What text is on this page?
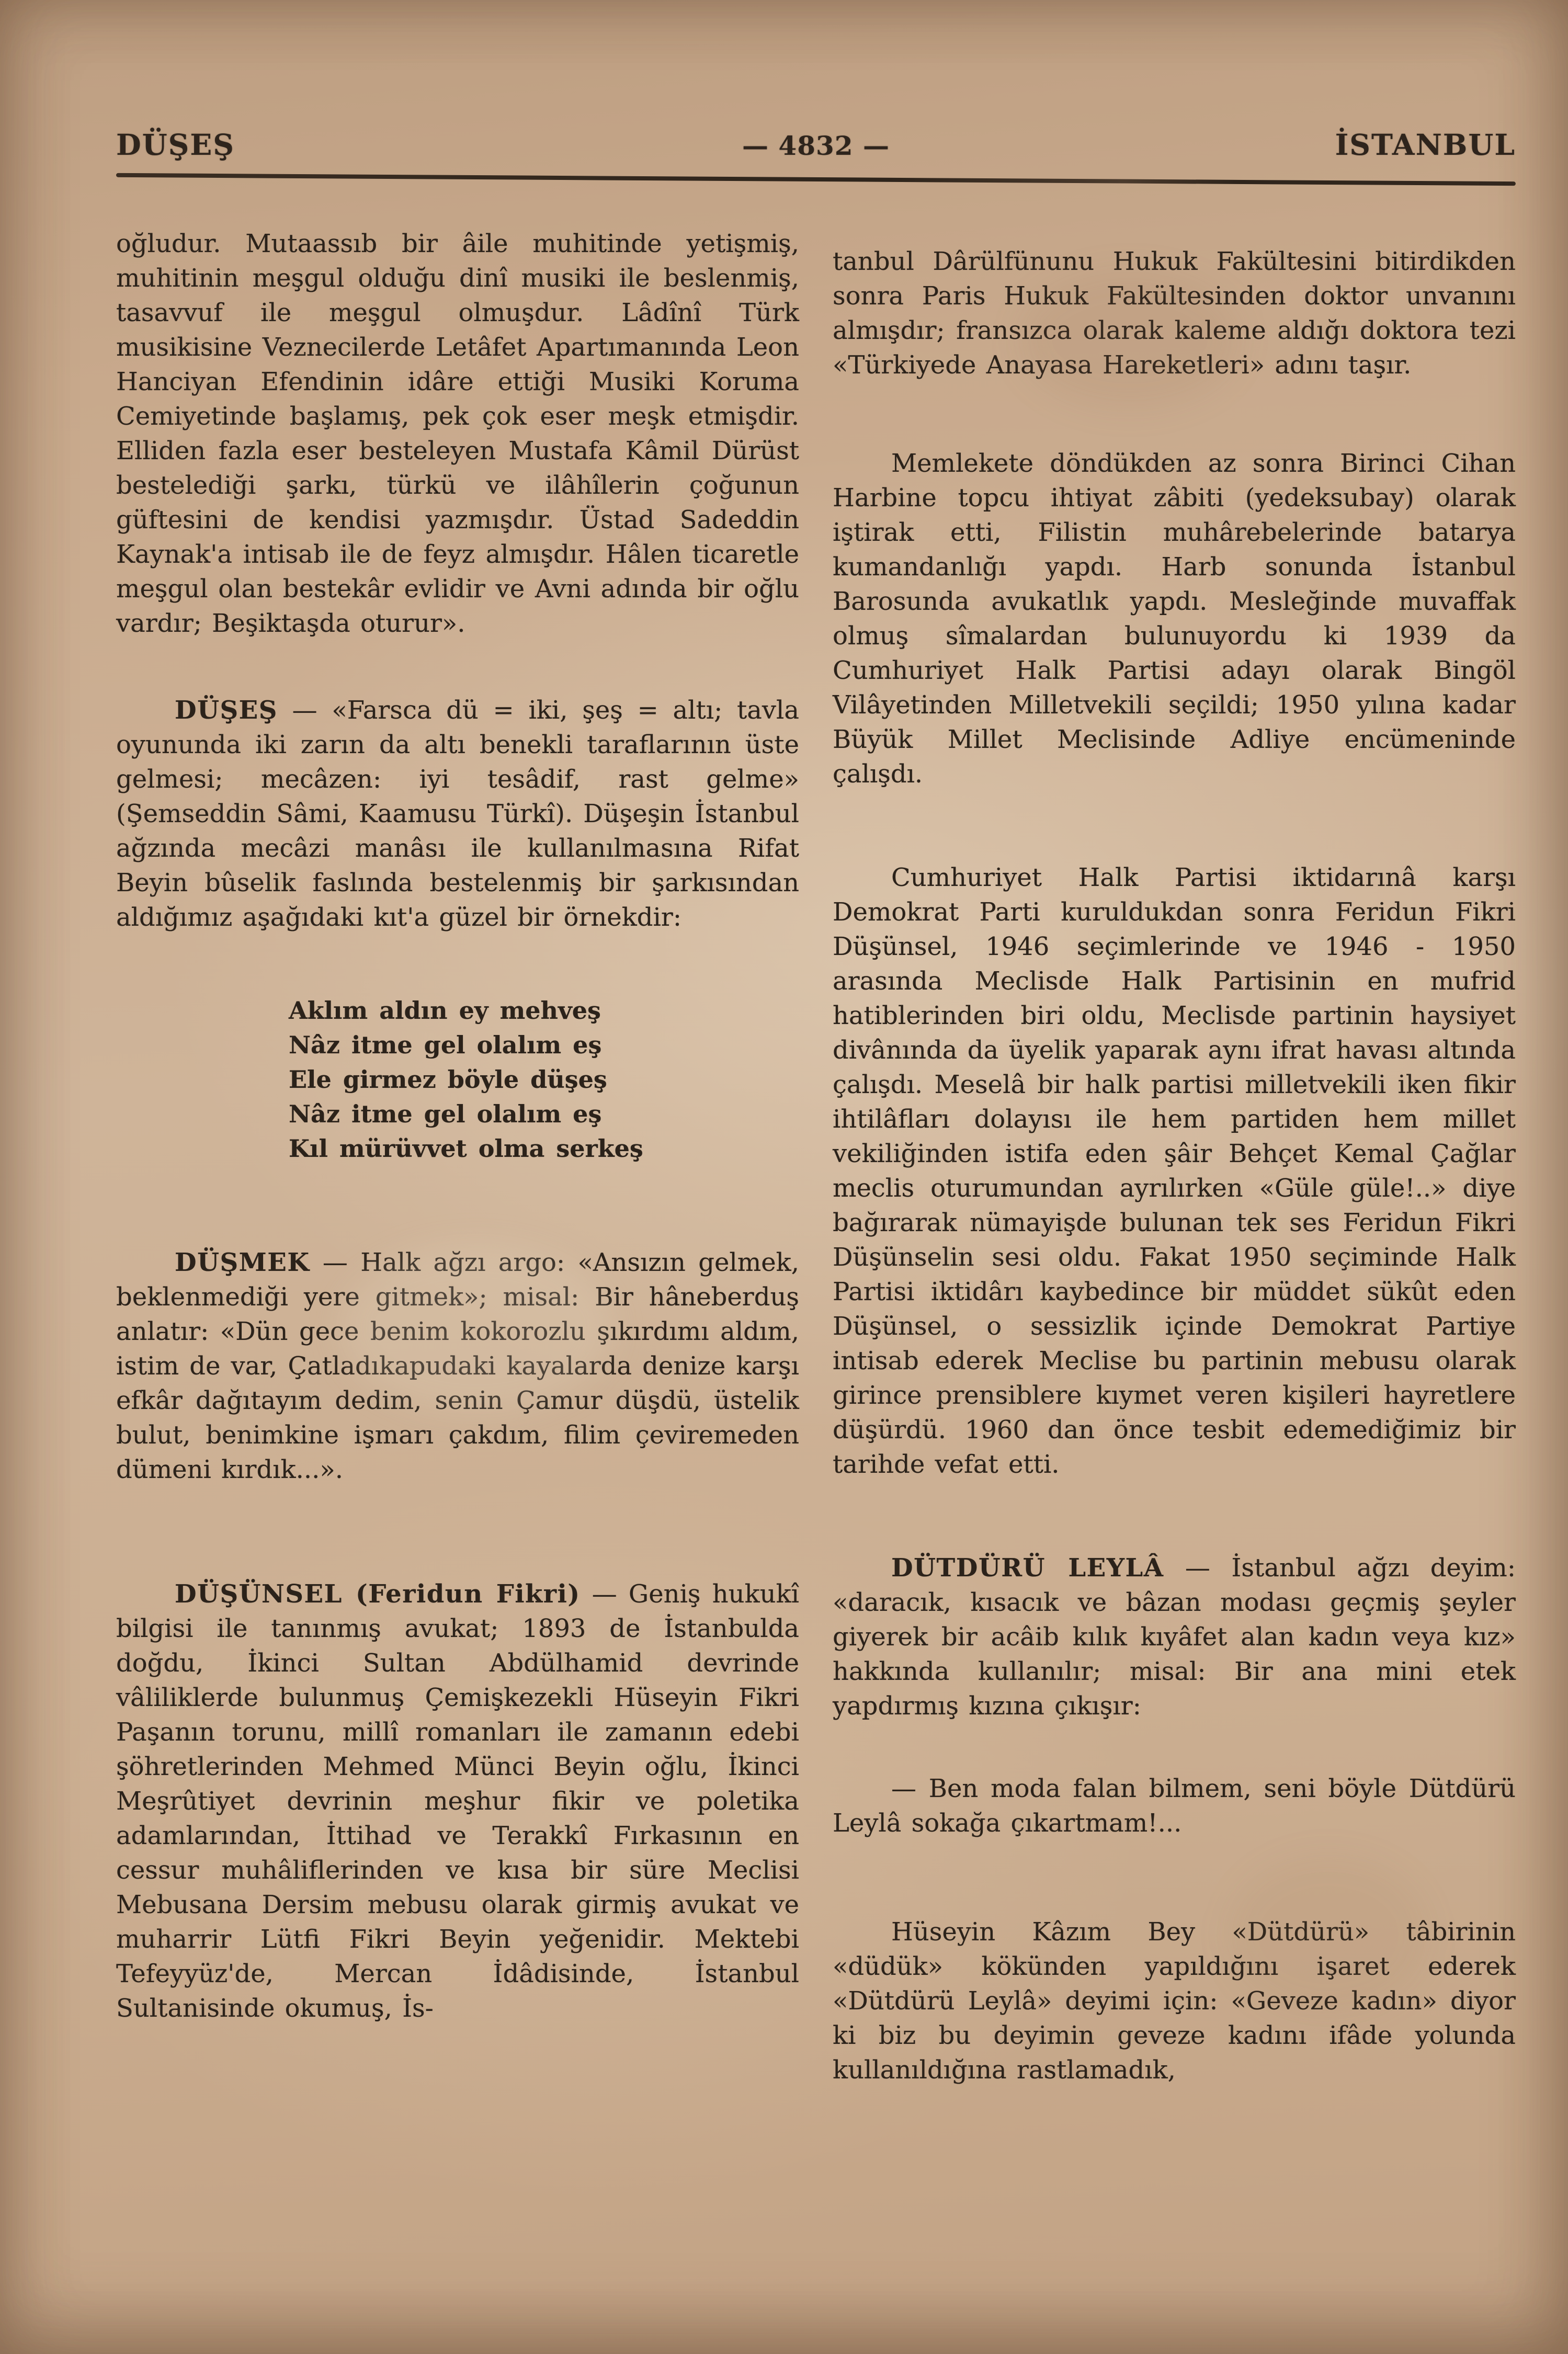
DÜŞEŞ	— 4832 —	İSTANBUL

oğludur. Mutaassıb bir âile muhitinde yetişmiş, muhitinin meşgul olduğu dinî musiki ile beslenmiş, tasavvuf ile meşgul olmuşdur. Lâdînî Türk musikisine Veznecilerde Letâfet Apartımanında Leon Hanciyan Efendinin idâre ettiği Musiki Koruma Cemiyetinde başlamış, pek çok eser meşk etmişdir. Elliden fazla eser besteleyen Mustafa Kâmil Dürüst bestelediği şarkı, türkü ve ilâhîlerin çoğunun güftesini de kendisi yazmışdır. Üstad Sadeddin Kaynak'a intisab ile de feyz almışdır. Hâlen ticaretle meşgul olan bestekâr evlidir ve Avni adında bir oğlu vardır; Beşiktaşda oturur».

DÜŞEŞ — «Farsca dü = iki, şeş = altı; tavla oyununda iki zarın da altı benekli taraflarının üste gelmesi; mecâzen: iyi tesâdif, rast gelme» (Şemseddin Sâmi, Kaamusu Türkî). Düşeşin İstanbul ağzında mecâzi manâsı ile kullanılmasına Rifat Beyin bûselik faslında bestelenmiş bir şarkısından aldığımız aşağıdaki kıt'a güzel bir örnekdir:

Aklım aldın ey mehveş
Nâz itme gel olalım eş
Ele girmez böyle düşeş
Nâz itme gel olalım eş
Kıl mürüvvet olma serkeş

DÜŞMEK — Halk ağzı argo: «Ansızın gelmek, beklenmediği yere gitmek»; misal: Bir hâneberduş anlatır: «Dün gece benim kokorozlu şıkırdımı aldım, istim de var, Çatladıkapudaki kayalarda denize karşı efkâr dağıtayım dedim, senin Çamur düşdü, üstelik bulut, benimkine işmarı çakdım, filim çeviremeden dümeni kırdık...».

DÜŞÜNSEL (Feridun Fikri) — Geniş hukukî bilgisi ile tanınmış avukat; 1893 de İstanbulda doğdu, İkinci Sultan Abdülhamid devrinde vâliliklerde bulunmuş Çemişkezekli Hüseyin Fikri Paşanın torunu, millî romanları ile zamanın edebi şöhretlerinden Mehmed Münci Beyin oğlu, İkinci Meşrûtiyet devrinin meşhur fikir ve poletika adamlarından, İttihad ve Terakkî Fırkasının en cessur muhâliflerinden ve kısa bir süre Meclisi Mebusana Dersim mebusu olarak girmiş avukat ve muharrir Lütfi Fikri Beyin yeğenidir. Mektebi Tefeyyüz'de, Mercan İdâdisinde, İstanbul Sultanisinde okumuş, İs-

tanbul Dârülfünunu Hukuk Fakültesini bitirdikden sonra Paris Hukuk Fakültesinden doktor unvanını almışdır; fransızca olarak kaleme aldığı doktora tezi «Türkiyede Anayasa Hareketleri» adını taşır.

Memlekete döndükden az sonra Birinci Cihan Harbine topcu ihtiyat zâbiti (yedeksubay) olarak iştirak etti, Filistin muhârebelerinde batarya kumandanlığı yapdı. Harb sonunda İstanbul Barosunda avukatlık yapdı. Mesleğinde muvaffak olmuş sîmalardan bulunuyordu ki 1939 da Cumhuriyet Halk Partisi adayı olarak Bingöl Vilâyetinden Milletvekili seçildi; 1950 yılına kadar Büyük Millet Meclisinde Adliye encümeninde çalışdı.

Cumhuriyet Halk Partisi iktidarınâ karşı Demokrat Parti kuruldukdan sonra Feridun Fikri Düşünsel, 1946 seçimlerinde ve 1946 - 1950 arasında Meclisde Halk Partisinin en mufrid hatiblerinden biri oldu, Meclisde partinin haysiyet divânında da üyelik yaparak aynı ifrat havası altında çalışdı. Meselâ bir halk partisi milletvekili iken fikir ihtilâfları dolayısı ile hem partiden hem millet vekiliğinden istifa eden şâir Behçet Kemal Çağlar meclis oturumundan ayrılırken «Güle güle!..» diye bağırarak nümayişde bulunan tek ses Feridun Fikri Düşünselin sesi oldu. Fakat 1950 seçiminde Halk Partisi iktidârı kaybedince bir müddet sükût eden Düşünsel, o sessizlik içinde Demokrat Partiye intisab ederek Meclise bu partinin mebusu olarak girince prensiblere kıymet veren kişileri hayretlere düşürdü. 1960 dan önce tesbit edemediğimiz bir tarihde vefat etti.

DÜTDÜRÜ LEYLÂ — İstanbul ağzı deyim: «daracık, kısacık ve bâzan modası geçmiş şeyler giyerek bir acâib kılık kıyâfet alan kadın veya kız» hakkında kullanılır; misal: Bir ana mini etek yapdırmış kızına çıkışır:

— Ben moda falan bilmem, seni böyle Dütdürü Leylâ sokağa çıkartmam!...

Hüseyin Kâzım Bey «Dütdürü» tâbirinin «düdük» kökünden yapıldığını işaret ederek «Dütdürü Leylâ» deyimi için: «Geveze kadın» diyor ki biz bu deyimin geveze kadını ifâde yolunda kullanıldığına rastlamadık,
